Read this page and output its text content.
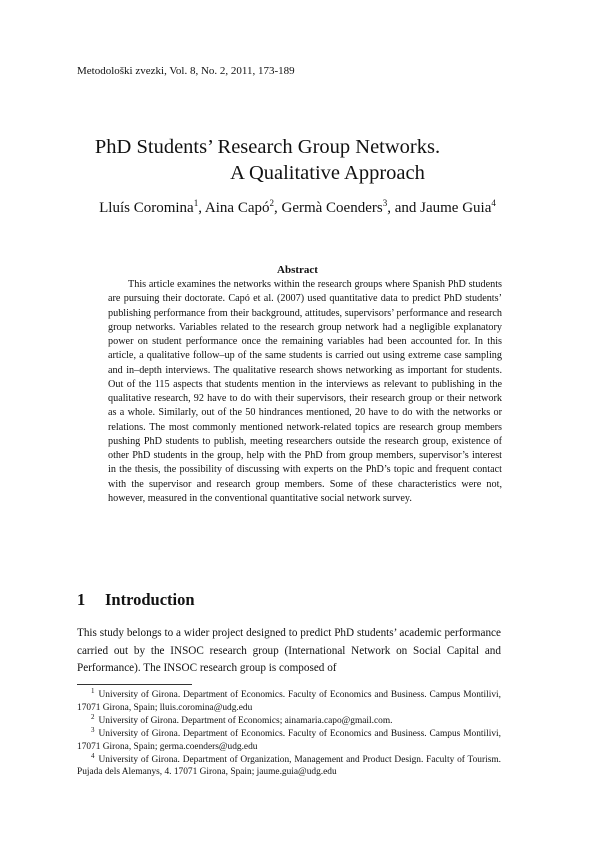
Metodološki zvezki, Vol. 8, No. 2, 2011, 173-189
PhD Students’ Research Group Networks.
A Qualitative Approach
Lluís Coromina$^1$, Aina Capó$^2$, Germà Coenders$^3$, and Jaume Guia$^4$
Abstract

This article examines the networks within the research groups where Spanish PhD students are pursuing their doctorate. Capó et al. (2007) used quantitative data to predict PhD students’ publishing performance from their background, attitudes, supervisors’ performance and research group networks. Variables related to the research group network had a negligible explanatory power on student performance once the remaining variables had been accounted for. In this article, a qualitative follow–up of the same students is carried out using extreme case sampling and in–depth interviews. The qualitative research shows networking as important for students. Out of the 115 aspects that students mention in the interviews as relevant to publishing in the qualitative research, 92 have to do with their supervisors, their research group or their network as a whole. Similarly, out of the 50 hindrances mentioned, 20 have to do with the networks or relations. The most commonly mentioned network-related topics are research group members pushing PhD students to publish, meeting researchers outside the research group, existence of other PhD students in the group, help with the PhD from group members, supervisor’s interest in the thesis, the possibility of discussing with experts on the PhD’s topic and frequent contact with the supervisor and research group members. Some of these characteristics were not, however, measured in the conventional quantitative social network survey.

1 Introduction

This study belongs to a wider project designed to predict PhD students’ academic performance carried out by the INSOC research group (International Network on Social Capital and Performance). The INSOC research group is composed of

$^1$ University of Girona. Department of Economics. Faculty of Economics and Business. Campus Montilivi, 17071 Girona, Spain; lluis.coromina@udg.edu

$^2$ University of Girona. Department of Economics; ainamaria.capo@gmail.com.

$^3$ University of Girona. Department of Economics. Faculty of Economics and Business. Campus Montilivi, 17071 Girona, Spain; germa.coenders@udg.edu

$^4$ University of Girona. Department of Organization, Management and Product Design. Faculty of Tourism. Pujada dels Alemanys, 4. 17071 Girona, Spain; jaume.guia@udg.edu
